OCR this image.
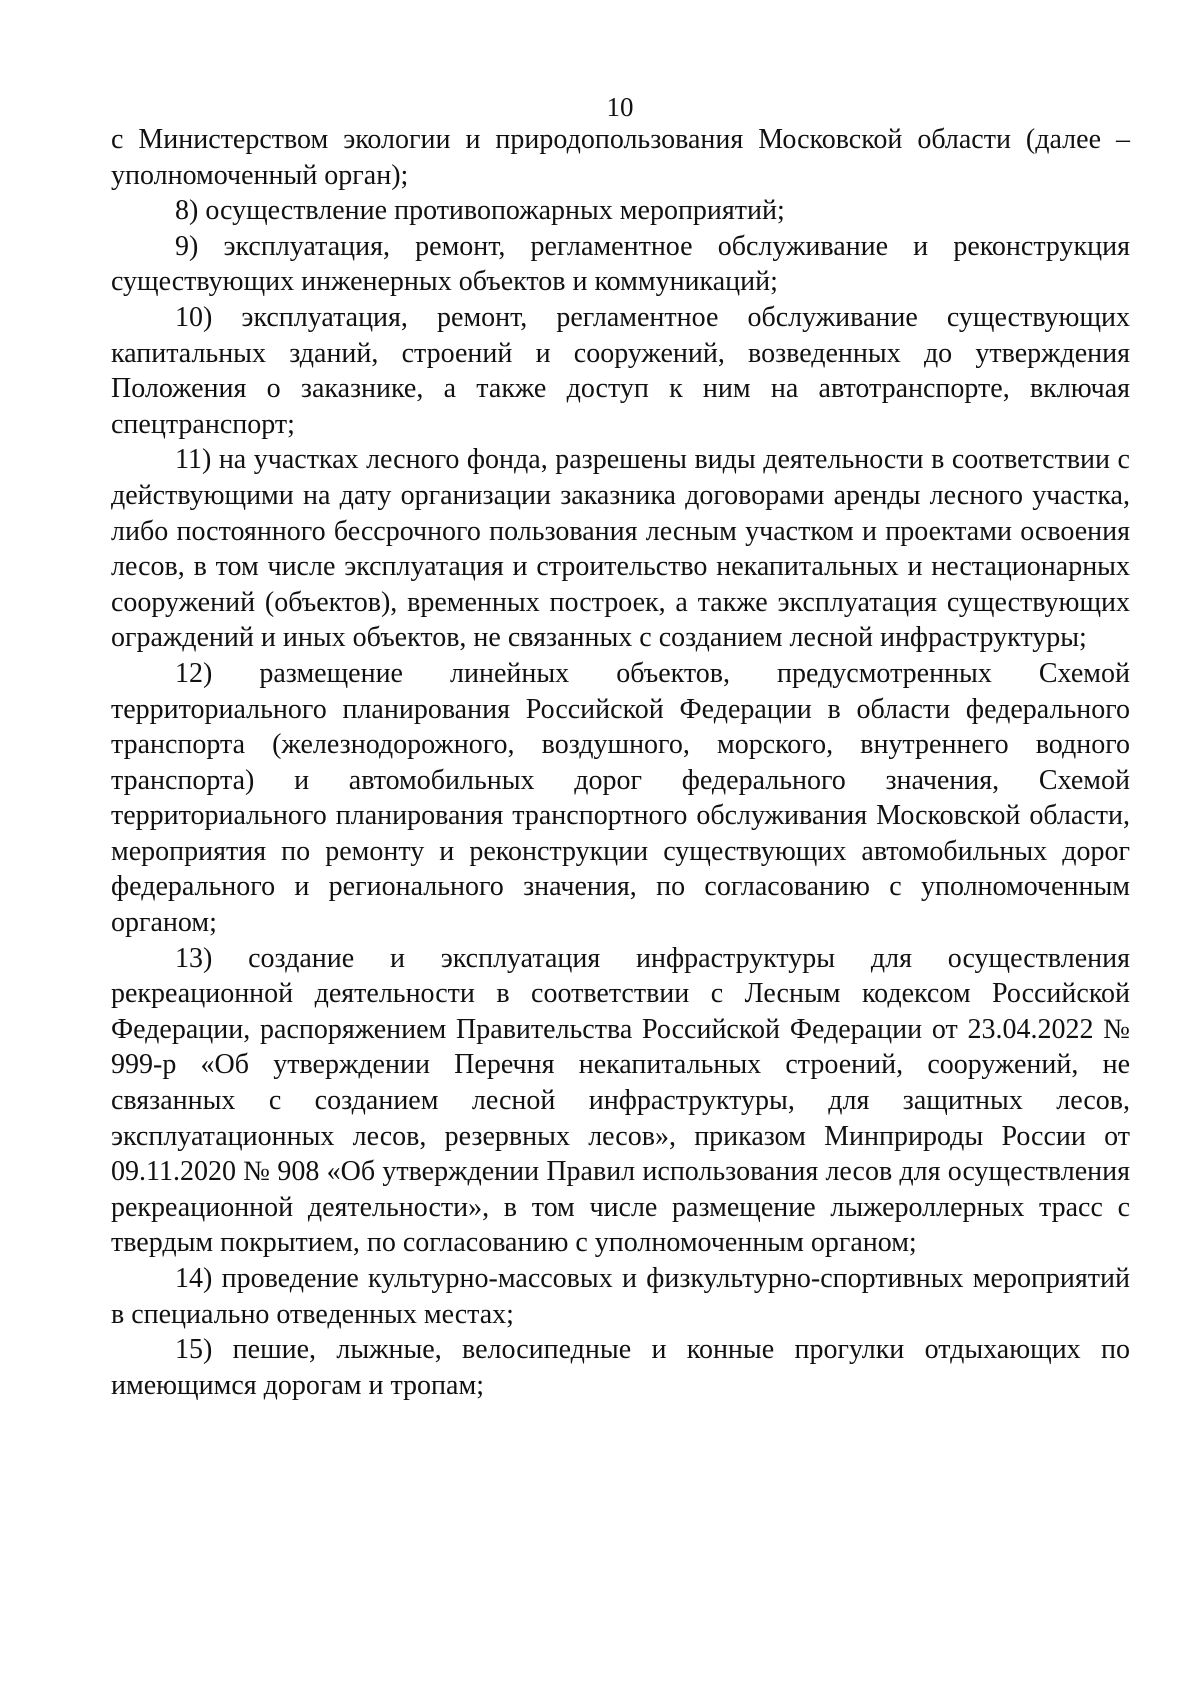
10

с Министерством экологии и природопользования Московской области (далее – уполномоченный орган);

8) осуществление противопожарных мероприятий;

9) эксплуатация, ремонт, регламентное обслуживание и реконструкция существующих инженерных объектов и коммуникаций;

10) эксплуатация, ремонт, регламентное обслуживание существующих капитальных зданий, строений и сооружений, возведенных до утверждения Положения о заказнике, а также доступ к ним на автотранспорте, включая спецтранспорт;

11) на участках лесного фонда, разрешены виды деятельности в соответствии с действующими на дату организации заказника договорами аренды лесного участка, либо постоянного бессрочного пользования лесным участком и проектами освоения лесов, в том числе эксплуатация и строительство некапитальных и нестационарных сооружений (объектов), временных построек, а также эксплуатация существующих ограждений и иных объектов, не связанных с созданием лесной инфраструктуры;

12) размещение линейных объектов, предусмотренных Схемой территориального планирования Российской Федерации в области федерального транспорта (железнодорожного, воздушного, морского, внутреннего водного транспорта) и автомобильных дорог федерального значения, Схемой территориального планирования транспортного обслуживания Московской области, мероприятия по ремонту и реконструкции существующих автомобильных дорог федерального и регионального значения, по согласованию с уполномоченным органом;

13) создание и эксплуатация инфраструктуры для осуществления рекреационной деятельности в соответствии с Лесным кодексом Российской Федерации, распоряжением Правительства Российской Федерации от 23.04.2022 № 999-р «Об утверждении Перечня некапитальных строений, сооружений, не связанных с созданием лесной инфраструктуры, для защитных лесов, эксплуатационных лесов, резервных лесов», приказом Минприроды России от 09.11.2020 № 908 «Об утверждении Правил использования лесов для осуществления рекреационной деятельности», в том числе размещение лыжероллерных трасс с твердым покрытием, по согласованию с уполномоченным органом;

14) проведение культурно-массовых и физкультурно-спортивных мероприятий в специально отведенных местах;

15) пешие, лыжные, велосипедные и конные прогулки отдыхающих по имеющимся дорогам и тропам;
